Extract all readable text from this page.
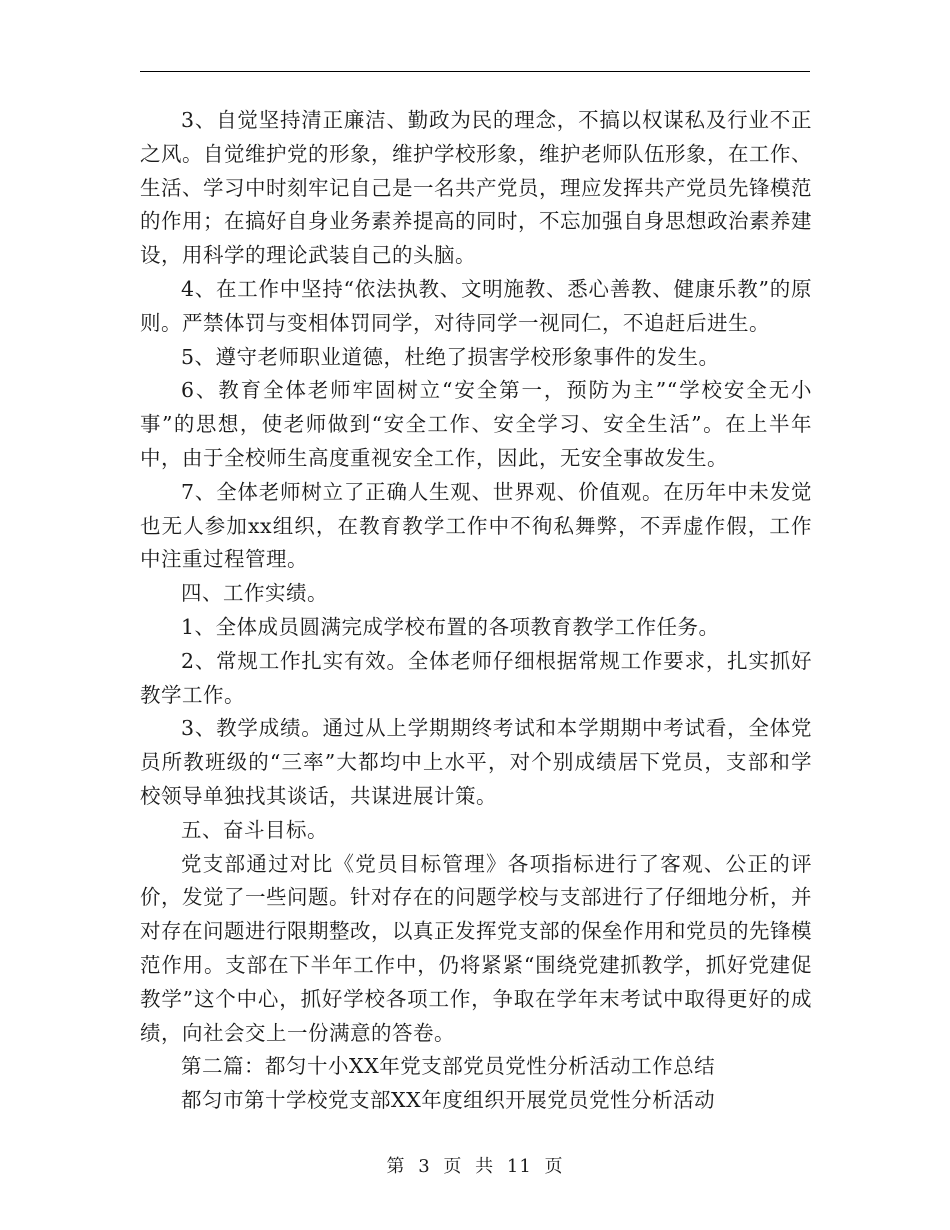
3、自觉坚持清正廉洁、勤政为民的理念，不搞以权谋私及行业不正之风。自觉维护党的形象，维护学校形象，维护老师队伍形象，在工作、生活、学习中时刻牢记自己是一名共产党员，理应发挥共产党员先锋模范的作用；在搞好自身业务素养提高的同时，不忘加强自身思想政治素养建设，用科学的理论武装自己的头脑。

4、在工作中坚持“依法执教、文明施教、悉心善教、健康乐教”的原则。严禁体罚与变相体罚同学，对待同学一视同仁，不追赶后进生。

5、遵守老师职业道德，杜绝了损害学校形象事件的发生。

6、教育全体老师牢固树立“安全第一，预防为主”“学校安全无小事”的思想，使老师做到“安全工作、安全学习、安全生活”。在上半年中，由于全校师生高度重视安全工作，因此，无安全事故发生。

7、全体老师树立了正确人生观、世界观、价值观。在历年中未发觉也无人参加xx组织，在教育教学工作中不徇私舞弊，不弄虚作假，工作中注重过程管理。

四、工作实绩。

1、全体成员圆满完成学校布置的各项教育教学工作任务。

2、常规工作扎实有效。全体老师仔细根据常规工作要求，扎实抓好教学工作。

3、教学成绩。通过从上学期期终考试和本学期期中考试看，全体党员所教班级的“三率”大都均中上水平，对个别成绩居下党员，支部和学校领导单独找其谈话，共谋进展计策。

五、奋斗目标。

党支部通过对比《党员目标管理》各项指标进行了客观、公正的评价，发觉了一些问题。针对存在的问题学校与支部进行了仔细地分析，并对存在问题进行限期整改，以真正发挥党支部的保垒作用和党员的先锋模范作用。支部在下半年工作中，仍将紧紧“围绕党建抓教学，抓好党建促教学”这个中心，抓好学校各项工作，争取在学年末考试中取得更好的成绩，向社会交上一份满意的答卷。

第二篇：都匀十小XX年党支部党员党性分析活动工作总结

都匀市第十学校党支部XX年度组织开展党员党性分析活动

第 3 页 共 11 页
